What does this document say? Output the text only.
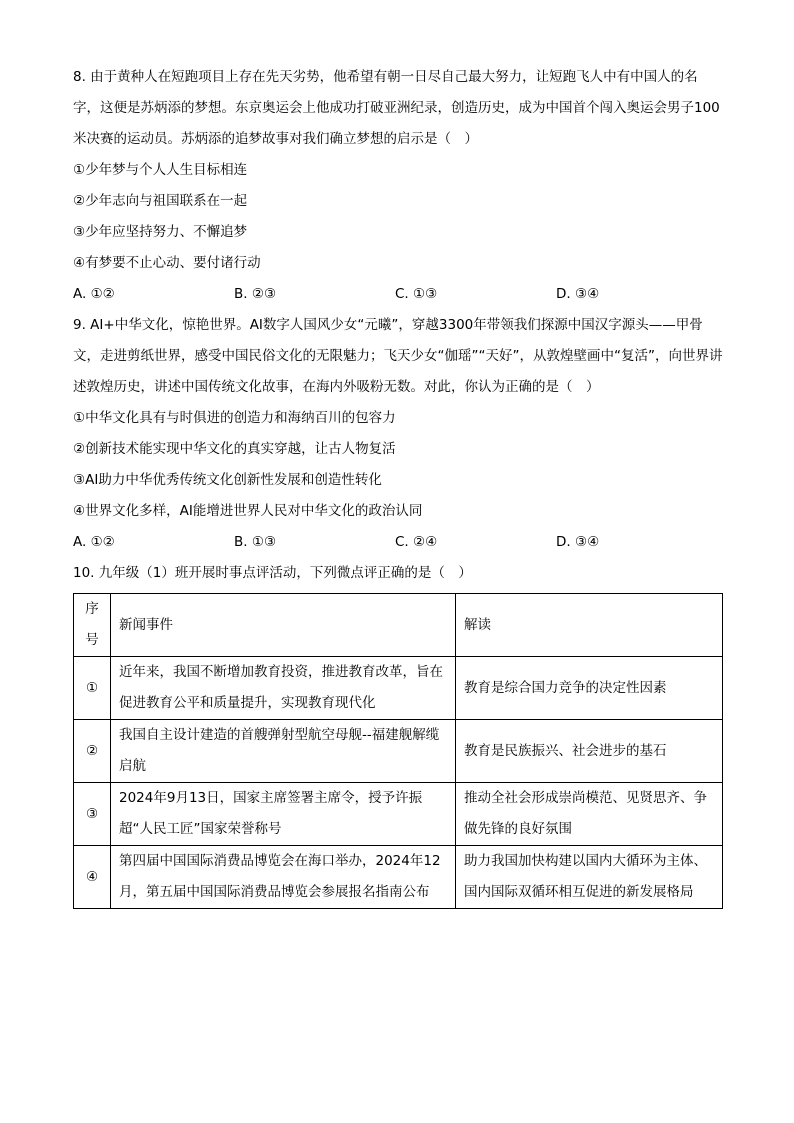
8. 由于黄种人在短跑项目上存在先天劣势，他希望有朝一日尽自己最大努力，让短跑飞人中有中国人的名字，这便是苏炳添的梦想。东京奥运会上他成功打破亚洲纪录，创造历史，成为中国首个闯入奥运会男子100米决赛的运动员。苏炳添的追梦故事对我们确立梦想的启示是（　）

①少年梦与个人人生目标相连

②少年志向与祖国联系在一起

③少年应坚持努力、不懈追梦

④有梦要不止心动、要付诸行动

A. ①②	B. ②③	C. ①③	D. ③④

9. AI+中华文化，惊艳世界。AI数字人国风少女“元曦”，穿越3300年带领我们探源中国汉字源头——甲骨文，走进剪纸世界，感受中国民俗文化的无限魅力；飞天少女“伽瑶”“天好”，从敦煌壁画中“复活”，向世界讲述敦煌历史，讲述中国传统文化故事，在海内外吸粉无数。对此，你认为正确的是（　）

①中华文化具有与时俱进的创造力和海纳百川的包容力

②创新技术能实现中华文化的真实穿越，让古人物复活

③AI助力中华优秀传统文化创新性发展和创造性转化

④世界文化多样，AI能增进世界人民对中华文化的政治认同

A. ①②	B. ①③	C. ②④	D. ③④

10. 九年级（1）班开展时事点评活动，下列微点评正确的是（　）

序号	新闻事件	解读
①	近年来，我国不断增加教育投资，推进教育改革，旨在促进教育公平和质量提升，实现教育现代化	教育是综合国力竞争的决定性因素
②	我国自主设计建造的首艘弹射型航空母舰--福建舰解缆启航	教育是民族振兴、社会进步的基石
③	2024年9月13日，国家主席签署主席令，授予许振超“人民工匠”国家荣誉称号	推动全社会形成崇尚模范、见贤思齐、争做先锋的良好氛围
④	第四届中国国际消费品博览会在海口举办，2024年12月，第五届中国国际消费品博览会参展报名指南公布	助力我国加快构建以国内大循环为主体、国内国际双循环相互促进的新发展格局
